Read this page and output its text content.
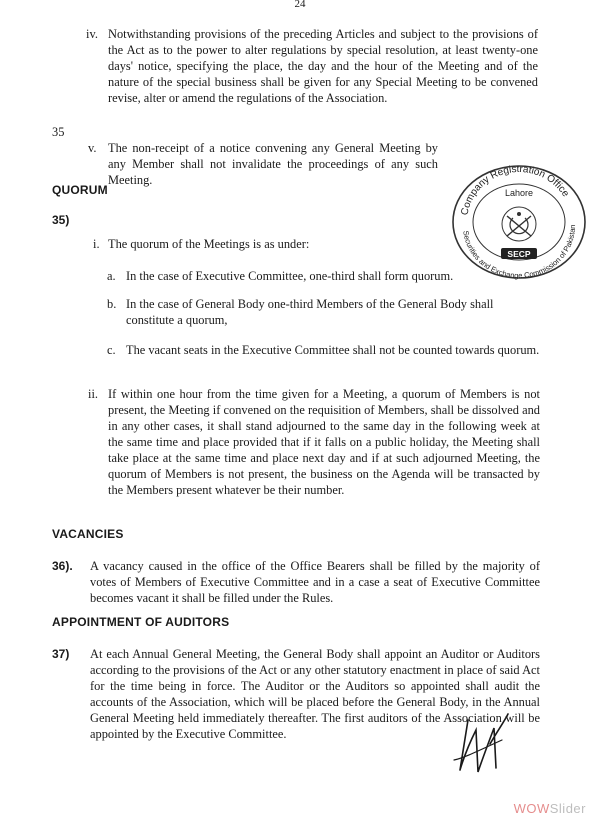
24
iv. Notwithstanding provisions of the preceding Articles and subject to the provisions of the Act as to the power to alter regulations by special resolution, at least twenty-one days' notice, specifying the place, the day and the hour of the Meeting and of the nature of the special business shall be given for any Special Meeting to be convened revise, alter or amend the regulations of the Association.
35
v. The non-receipt of a notice convening any General Meeting by any Member shall not invalidate the proceedings of any such Meeting.
QUORUM
35)
i. The quorum of the Meetings is as under:
a. In the case of Executive Committee, one-third shall form quorum.
b. In the case of General Body one-third Members of the General Body shall constitute a quorum,
c. The vacant seats in the Executive Committee shall not be counted towards quorum.
ii. If within one hour from the time given for a Meeting, a quorum of Members is not present, the Meeting if convened on the requisition of Members, shall be dissolved and in any other cases, it shall stand adjourned to the same day in the following week at the same time and place provided that if it falls on a public holiday, the Meeting shall take place at the same time and place next day and if at such adjourned Meeting, the quorum of Members is not present, the business on the Agenda will be transacted by the Members present whatever be their number.
VACANCIES
36). A vacancy caused in the office of the Office Bearers shall be filled by the majority of votes of Members of Executive Committee and in a case a seat of Executive Committee becomes vacant it shall be filled under the Rules.
APPOINTMENT OF AUDITORS
37) At each Annual General Meeting, the General Body shall appoint an Auditor or Auditors according to the provisions of the Act or any other statutory enactment in place of said Act for the time being in force. The Auditor or the Auditors so appointed shall audit the accounts of the Association, which will be placed before the General Body, in the Annual General Meeting held immediately thereafter. The first auditors of the Association will be appointed by the Executive Committee.
Company Registration Office
Securities and Exchange Commission of Pakistan
Lahore
SECP
WOWSlider
